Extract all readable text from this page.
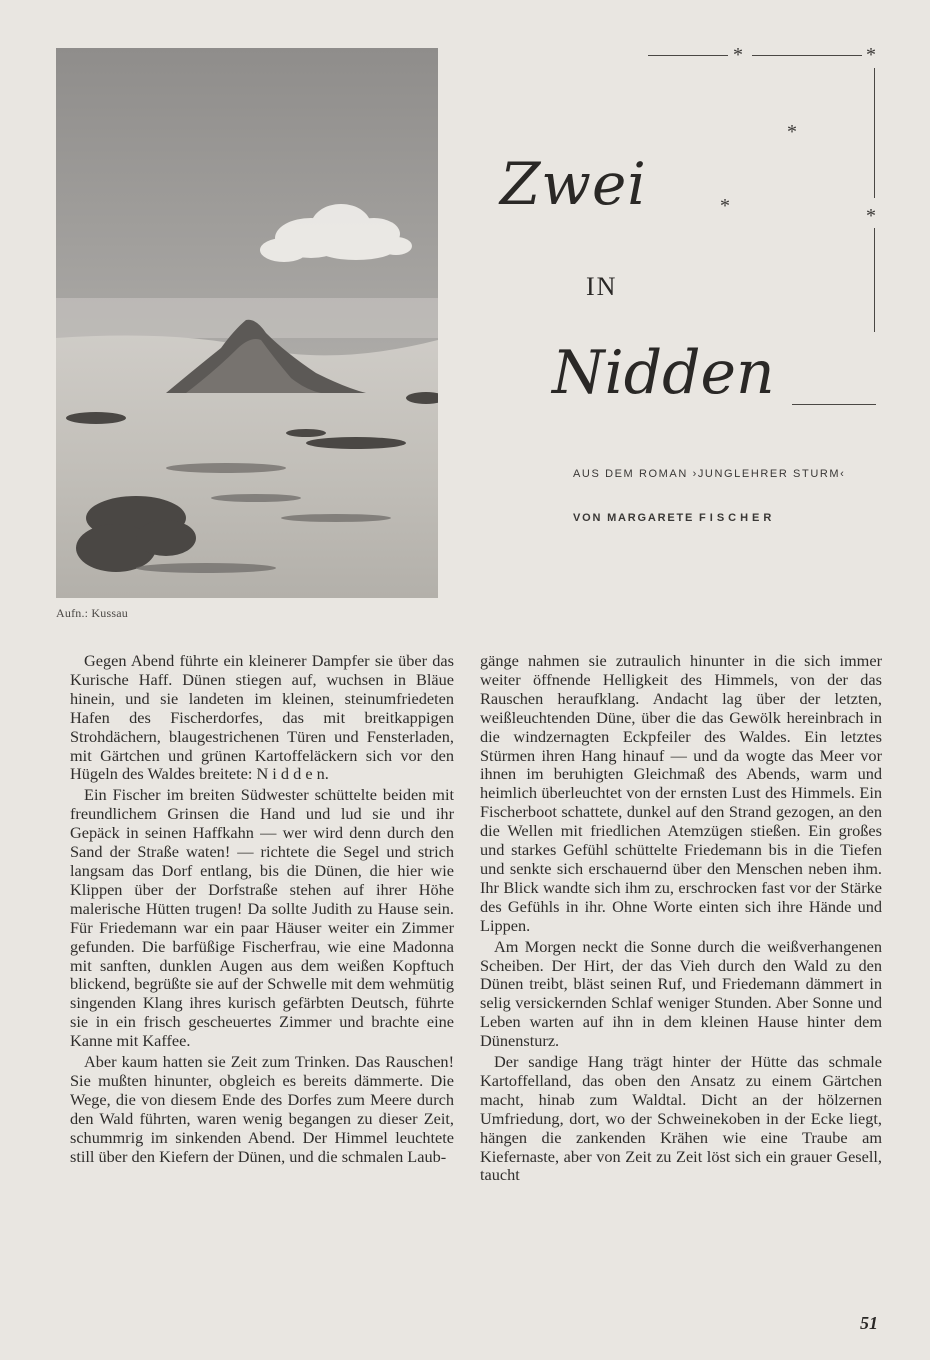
Aufn.: Kussau
*	*
*
*	*
Zwei
IN
Nidden
AUS DEM ROMAN ›JUNGLEHRER STURM‹
VON MARGARETE FISCHER

Gegen Abend führte ein kleinerer Dampfer sie über das Kurische Haff. Dünen stiegen auf, wuchsen in Bläue hinein, und sie landeten im kleinen, steinumfriedeten Hafen des Fischerdorfes, das mit breitkappigen Strohdächern, blaugestrichenen Türen und Fensterladen, mit Gärtchen und grünen Kartoffeläckern sich vor den Hügeln des Waldes breitete: N i d d e n.

Ein Fischer im breiten Südwester schüttelte beiden mit freundlichem Grinsen die Hand und lud sie und ihr Gepäck in seinen Haffkahn — wer wird denn durch den Sand der Straße waten! — richtete die Segel und strich langsam das Dorf entlang, bis die Dünen, die hier wie Klippen über der Dorfstraße stehen auf ihrer Höhe malerische Hütten trugen! Da sollte Judith zu Hause sein. Für Friedemann war ein paar Häuser weiter ein Zimmer gefunden. Die barfüßige Fischerfrau, wie eine Madonna mit sanften, dunklen Augen aus dem weißen Kopftuch blickend, begrüßte sie auf der Schwelle mit dem wehmütig singenden Klang ihres kurisch gefärbten Deutsch, führte sie in ein frisch gescheuertes Zimmer und brachte eine Kanne mit Kaffee.

Aber kaum hatten sie Zeit zum Trinken. Das Rauschen! Sie mußten hinunter, obgleich es bereits dämmerte. Die Wege, die von diesem Ende des Dorfes zum Meere durch den Wald führten, waren wenig begangen zu dieser Zeit, schummrig im sinkenden Abend. Der Himmel leuchtete still über den Kiefern der Dünen, und die schmalen Laub-

gänge nahmen sie zutraulich hinunter in die sich immer weiter öffnende Helligkeit des Himmels, von der das Rauschen heraufklang. Andacht lag über der letzten, weißleuchtenden Düne, über die das Gewölk hereinbrach in die windzernagten Eckpfeiler des Waldes. Ein letztes Stürmen ihren Hang hinauf — und da wogte das Meer vor ihnen im beruhigten Gleichmaß des Abends, warm und heimlich überleuchtet von der ernsten Lust des Himmels. Ein Fischerboot schattete, dunkel auf den Strand gezogen, an den die Wellen mit friedlichen Atemzügen stießen. Ein großes und starkes Gefühl schüttelte Friedemann bis in die Tiefen und senkte sich erschauernd über den Menschen neben ihm. Ihr Blick wandte sich ihm zu, erschrocken fast vor der Stärke des Gefühls in ihr. Ohne Worte einten sich ihre Hände und Lippen.

Am Morgen neckt die Sonne durch die weißverhangenen Scheiben. Der Hirt, der das Vieh durch den Wald zu den Dünen treibt, bläst seinen Ruf, und Friedemann dämmert in selig versickernden Schlaf weniger Stunden. Aber Sonne und Leben warten auf ihn in dem kleinen Hause hinter dem Dünensturz.

Der sandige Hang trägt hinter der Hütte das schmale Kartoffelland, das oben den Ansatz zu einem Gärtchen macht, hinab zum Waldtal. Dicht an der hölzernen Umfriedung, dort, wo der Schweinekoben in der Ecke liegt, hängen die zankenden Krähen wie eine Traube am Kiefernaste, aber von Zeit zu Zeit löst sich ein grauer Gesell, taucht

51
